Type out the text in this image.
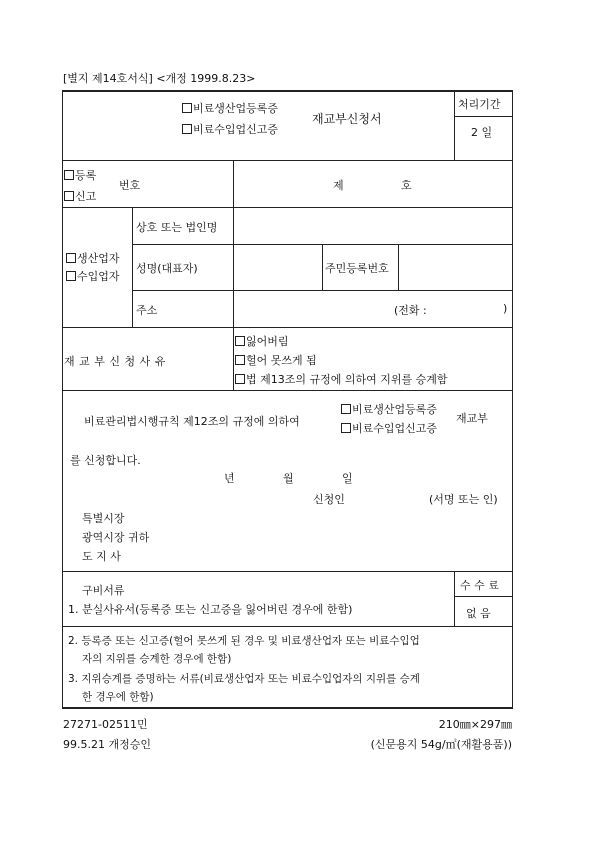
[별지 제14호서식] <개정 1999.8.23>
비료생산업등록증
비료수입업신고증
재교부신청서
처리기간
2 일
등록
신고
번호	제	호
생산업자
수입업자
상호 또는 법인명
성명(대표자)	주민등록번호
주소	(전화 :	)
재 교 부 신 청 사 유
잃어버림
헐어 못쓰게 됨
법 제13조의 규정에 의하여 지위를 승계함
비료관리법시행규칙 제12조의 규정에 의하여
비료생산업등록증
비료수입업신고증
재교부
를 신청합니다.
년	월	일
신청인	(서명 또는 인)
특별시장
광역시장 귀하
도 지 사
구비서류
1. 분실사유서(등록증 또는 신고증을 잃어버린 경우에 한함)
수 수 료
없 음
2. 등록증 또는 신고증(헐어 못쓰게 된 경우 및 비료생산업자 또는 비료수입업
자의 지위를 승계한 경우에 한함)
3. 지위승계를 증명하는 서류(비료생산업자 또는 비료수입업자의 지위를 승계
한 경우에 한함)
27271-02511민	210㎜×297㎜
99.5.21 개정승인	(신문용지 54g/㎡(재활용품))
